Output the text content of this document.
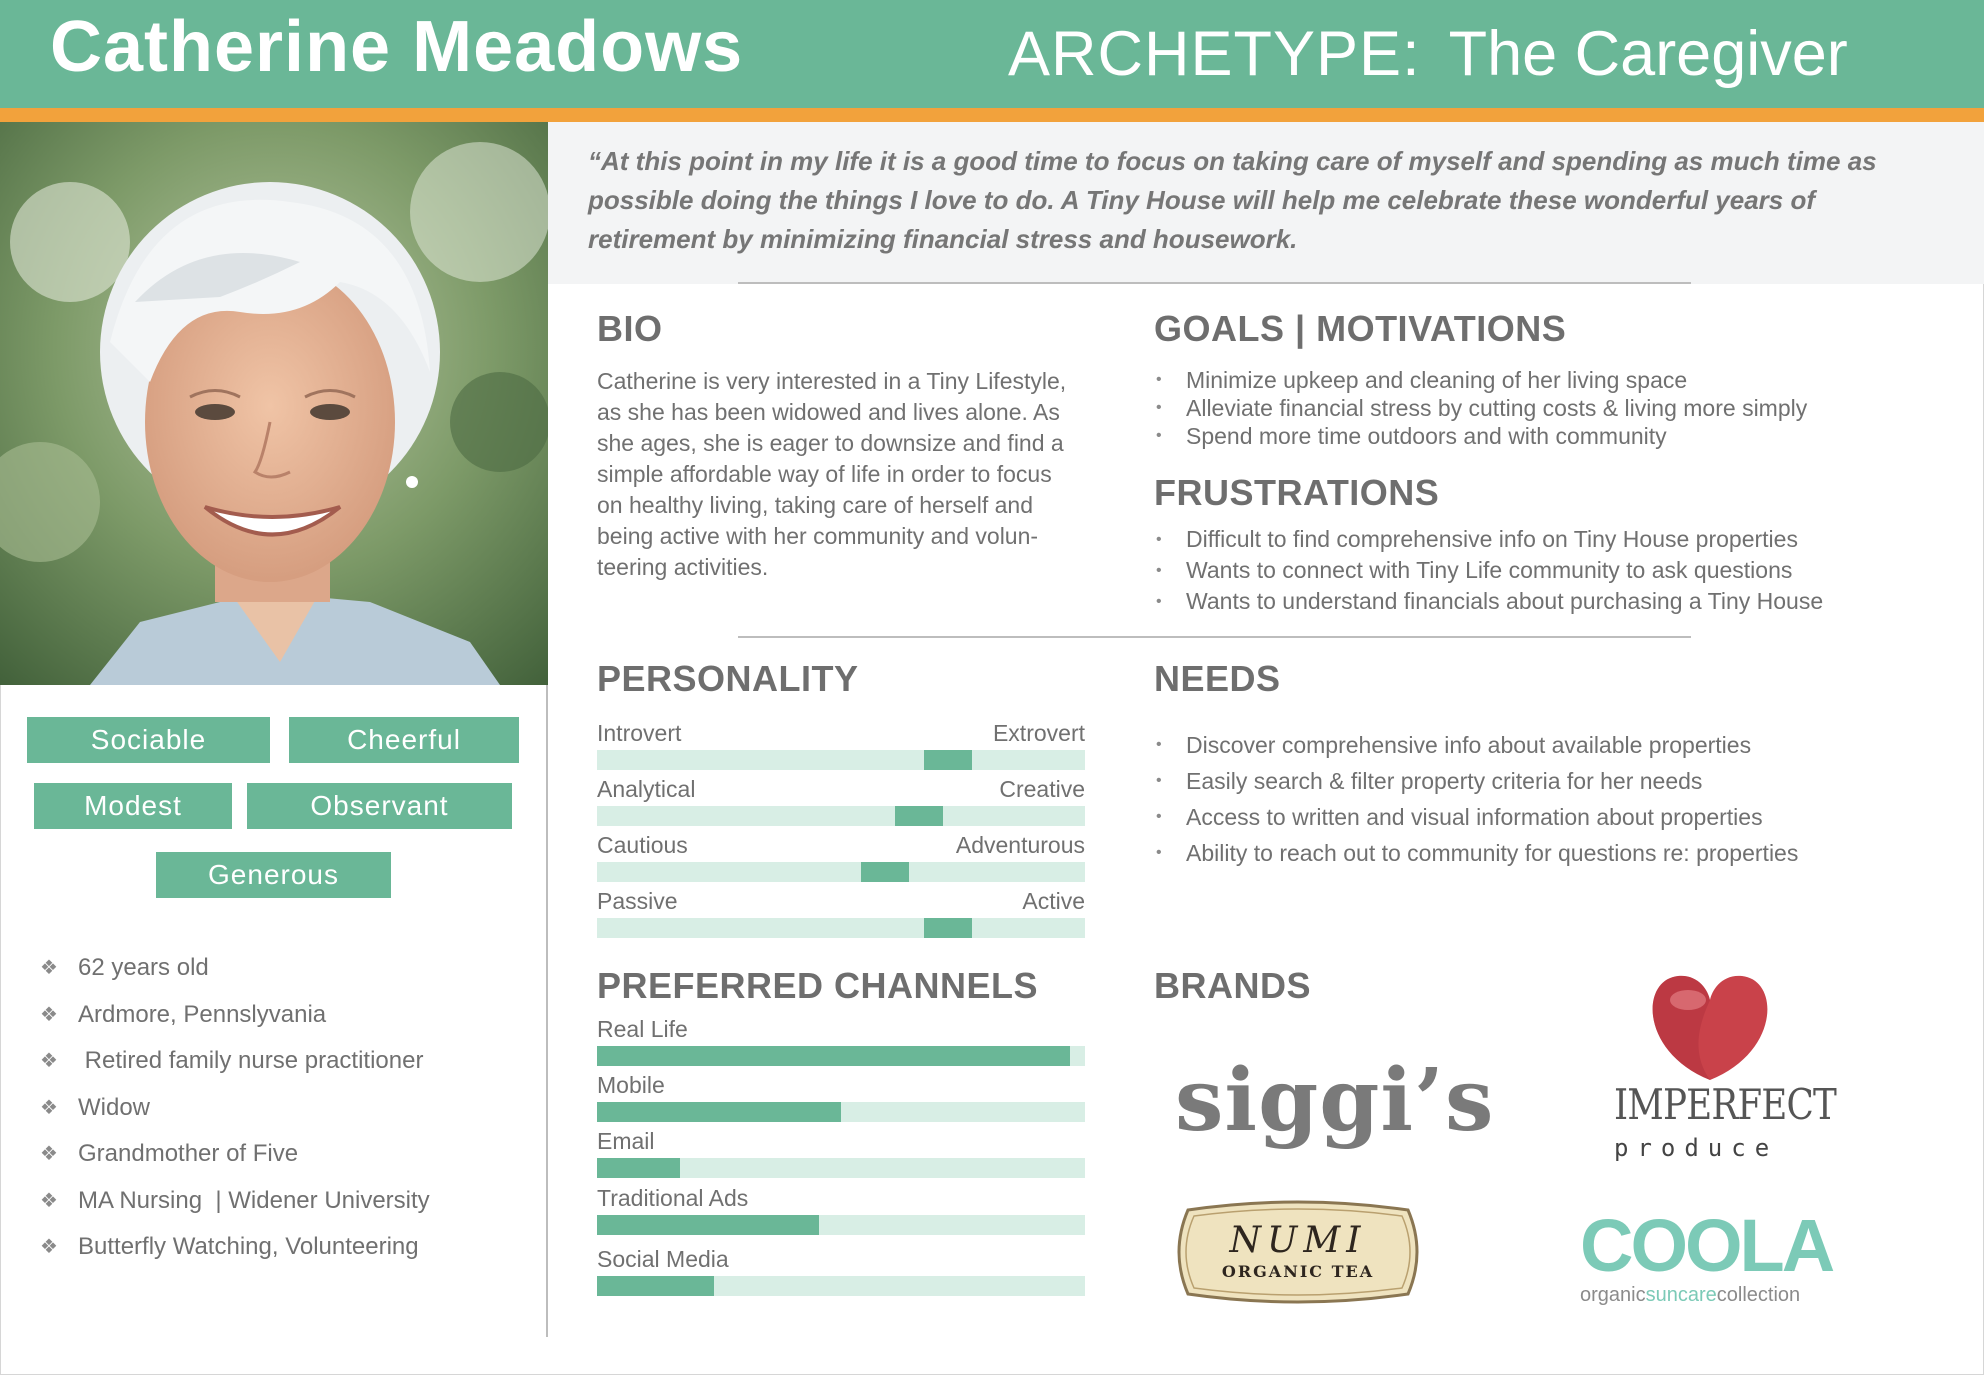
Catherine Meadows	ARCHETYPE: The Caregiver
“At this point in my life it is a good time to focus on taking care of myself and spending as much time as possible doing the things I love to do. A Tiny House will help me celebrate these wonderful years of retirement by minimizing financial stress and housework.
Sociable	Cheerful
Modest	Observant
Generous
❖ 62 years old
❖ Ardmore, Pennslyvania
❖ Retired family nurse practitioner
❖ Widow
❖ Grandmother of Five
❖ MA Nursing  | Widener University
❖ Butterfly Watching, Volunteering
BIO
Catherine is very interested in a Tiny Lifestyle, as she has been widowed and lives alone. As she ages, she is eager to downsize and find a simple affordable way of life in order to focus on healthy living, taking care of herself and being active with her community and volun-teering activities.
GOALS | MOTIVATIONS
• Minimize upkeep and cleaning of her living space
• Alleviate financial stress by cutting costs & living more simply
• Spend more time outdoors and with community
FRUSTRATIONS
• Difficult to find comprehensive info on Tiny House properties
• Wants to connect with Tiny Life community to ask questions
• Wants to understand financials about purchasing a Tiny House
PERSONALITY
Introvert	Extrovert
Analytical	Creative
Cautious	Adventurous
Passive	Active
NEEDS
• Discover comprehensive info about available properties
• Easily search & filter property criteria for her needs
• Access to written and visual information about properties
• Ability to reach out to community for questions re: properties
PREFERRED CHANNELS
Real Life
Mobile
Email
Traditional Ads
Social Media
BRANDS
siggi’s	IMPERFECT
produce
NUMI
ORGANIC TEA	COOLA
organicsuncarecollection
